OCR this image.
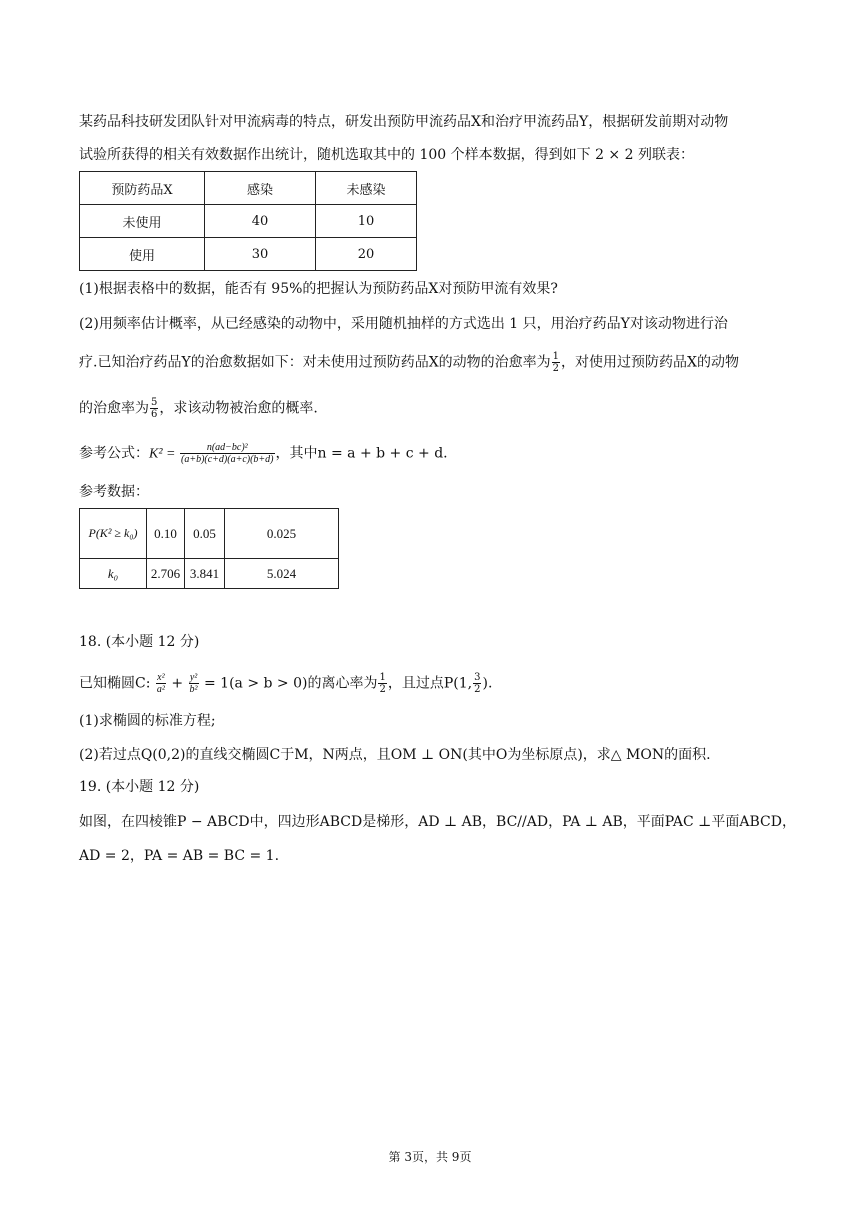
某药品科技研发团队针对甲流病毒的特点，研发出预防甲流药品X和治疗甲流药品Y，根据研发前期对动物
试验所获得的相关有效数据作出统计，随机选取其中的 100 个样本数据，得到如下 2 × 2 列联表：
预防药品X	感染	未感染
未使用	40	10
使用	30	20
(1)根据表格中的数据，能否有 95%的把握认为预防药品X对预防甲流有效果?
(2)用频率估计概率，从已经感染的动物中，采用随机抽样的方式选出 1 只，用治疗药品Y对该动物进行治
疗.已知治疗药品Y的治愈数据如下：对未使用过预防药品X的动物的治愈率为 $\frac{1}{2}$ ，对使用过预防药品X的动物
的治愈率为 $\frac{5}{6}$ ，求该动物被治愈的概率.
参考公式：$K^2 = \frac{\text{n(ad−bc)²}}{(a+b)(c+d)(a+c)(b+d)}$ ，其中n = a + b + c + d.
参考数据：
P(K² ≥ k₀)	0.10	0.05	0.025
k₀	2.706	3.841	5.024
18. (本小题 12 分)
已知椭圆C: $\frac{\text{x²}}{\text{a²}} + \frac{\text{y²}}{\text{b²}} = 1(a > b > 0)$的离心率为 $\frac{1}{2}$ ，且过点P(1, $\frac{3}{2}$ ).
(1)求椭圆的标准方程;
(2)若过点Q(0,2)的直线交椭圆C于M，N两点，且OM ⊥ ON(其中O为坐标原点)，求△ MON的面积.
19. (本小题 12 分)
如图，在四棱锥P − ABCD中，四边形ABCD是梯形，AD ⊥ AB，BC//AD，PA ⊥ AB，平面PAC ⊥平面ABCD，
AD = 2，PA = AB = BC = 1.
第 3页，共 9页
